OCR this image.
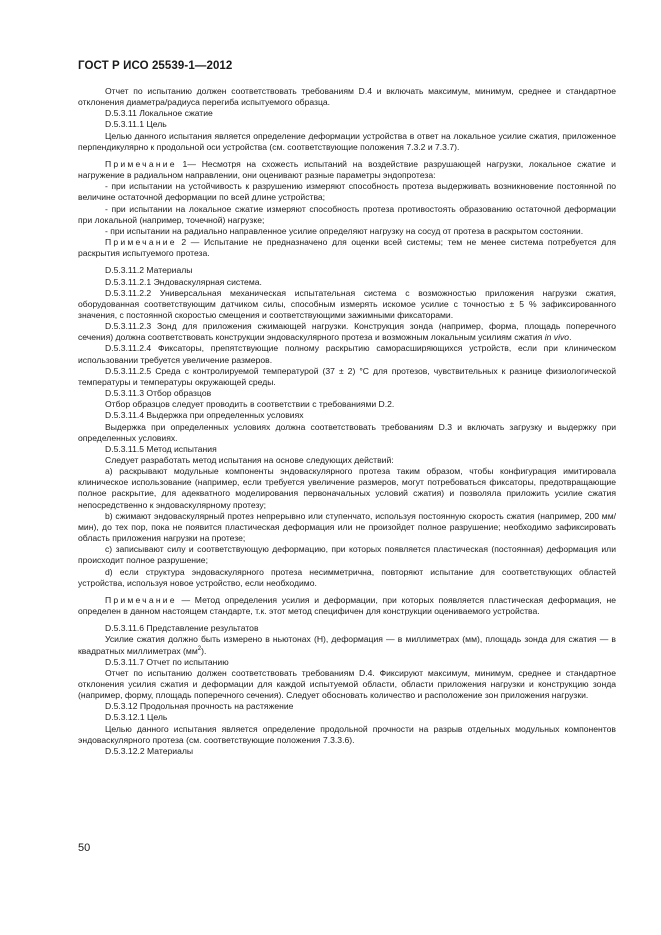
ГОСТ Р ИСО 25539-1—2012

Отчет по испытанию должен соответствовать требованиям D.4 и включать максимум, минимум, среднее и стандартное отклонения диаметра/радиуса перегиба испытуемого образца.

D.5.3.11 Локальное сжатие

D.5.3.11.1 Цель

Целью данного испытания является определение деформации устройства в ответ на локальное усилие сжатия, приложенное перпендикулярно к продольной оси устройства (см. соответствующие положения 7.3.2 и 7.3.7).

Примечание 1— Несмотря на схожесть испытаний на воздействие разрушающей нагрузки, локальное сжатие и нагружение в радиальном направлении, они оценивают разные параметры эндопротеза:

- при испытании на устойчивость к разрушению измеряют способность протеза выдерживать возникновение постоянной по величине остаточной деформации по всей длине устройства;

- при испытании на локальное сжатие измеряют способность протеза противостоять образованию остаточной деформации при локальной (например, точечной) нагрузке;

- при испытании на радиально направленное усилие определяют нагрузку на сосуд от протеза в раскрытом состоянии.

Примечание 2 — Испытание не предназначено для оценки всей системы; тем не менее система потребуется для раскрытия испытуемого протеза.

D.5.3.11.2 Материалы

D.5.3.11.2.1 Эндоваскулярная система.

D.5.3.11.2.2 Универсальная механическая испытательная система с возможностью приложения нагрузки сжатия, оборудованная соответствующим датчиком силы, способным измерять искомое усилие с точностью ± 5 % зафиксированного значения, с постоянной скоростью смещения и соответствующими зажимными фиксаторами.

D.5.3.11.2.3 Зонд для приложения сжимающей нагрузки. Конструкция зонда (например, форма, площадь поперечного сечения) должна соответствовать конструкции эндоваскулярного протеза и возможным локальным усилиям сжатия in vivo.

D.5.3.11.2.4 Фиксаторы, препятствующие полному раскрытию саморасширяющихся устройств, если при клиническом использовании требуется увеличение размеров.

D.5.3.11.2.5 Среда с контролируемой температурой (37 ± 2) °С для протезов, чувствительных к разнице физиологической температуры и температуры окружающей среды.

D.5.3.11.3 Отбор образцов

Отбор образцов следует проводить в соответствии с требованиями D.2.

D.5.3.11.4 Выдержка при определенных условиях

Выдержка при определенных условиях должна соответствовать требованиям D.3 и включать загрузку и выдержку при определенных условиях.

D.5.3.11.5 Метод испытания

Следует разработать метод испытания на основе следующих действий:

a) раскрывают модульные компоненты эндоваскулярного протеза таким образом, чтобы конфигурация имитировала клиническое использование (например, если требуется увеличение размеров, могут потребоваться фиксаторы, предотвращающие полное раскрытие, для адекватного моделирования первоначальных условий сжатия) и позволяла приложить усилие сжатия непосредственно к эндоваскулярному протезу;

b) сжимают эндоваскулярный протез непрерывно или ступенчато, используя постоянную скорость сжатия (например, 200 мм/мин), до тех пор, пока не появится пластическая деформация или не произойдет полное разрушение; необходимо зафиксировать область приложения нагрузки на протезе;

c) записывают силу и соответствующую деформацию, при которых появляется пластическая (постоянная) деформация или происходит полное разрушение;

d) если структура эндоваскулярного протеза несимметрична, повторяют испытание для соответствующих областей устройства, используя новое устройство, если необходимо.

Примечание — Метод определения усилия и деформации, при которых появляется пластическая деформация, не определен в данном настоящем стандарте, т.к. этот метод специфичен для конструкции оцениваемого устройства.

D.5.3.11.6 Представление результатов

Усилие сжатия должно быть измерено в ньютонах (Н), деформация — в миллиметрах (мм), площадь зонда для сжатия — в квадратных миллиметрах $(мм^2)$.

D.5.3.11.7 Отчет по испытанию

Отчет по испытанию должен соответствовать требованиям D.4. Фиксируют максимум, минимум, среднее и стандартное отклонения усилия сжатия и деформации для каждой испытуемой области, области приложения нагрузки и конструкцию зонда (например, форму, площадь поперечного сечения). Следует обосновать количество и расположение зон приложения нагрузки.

D.5.3.12 Продольная прочность на растяжение

D.5.3.12.1 Цель

Целью данного испытания является определение продольной прочности на разрыв отдельных модульных компонентов эндоваскулярного протеза (см. соответствующие положения 7.3.3.6).

D.5.3.12.2 Материалы

50
